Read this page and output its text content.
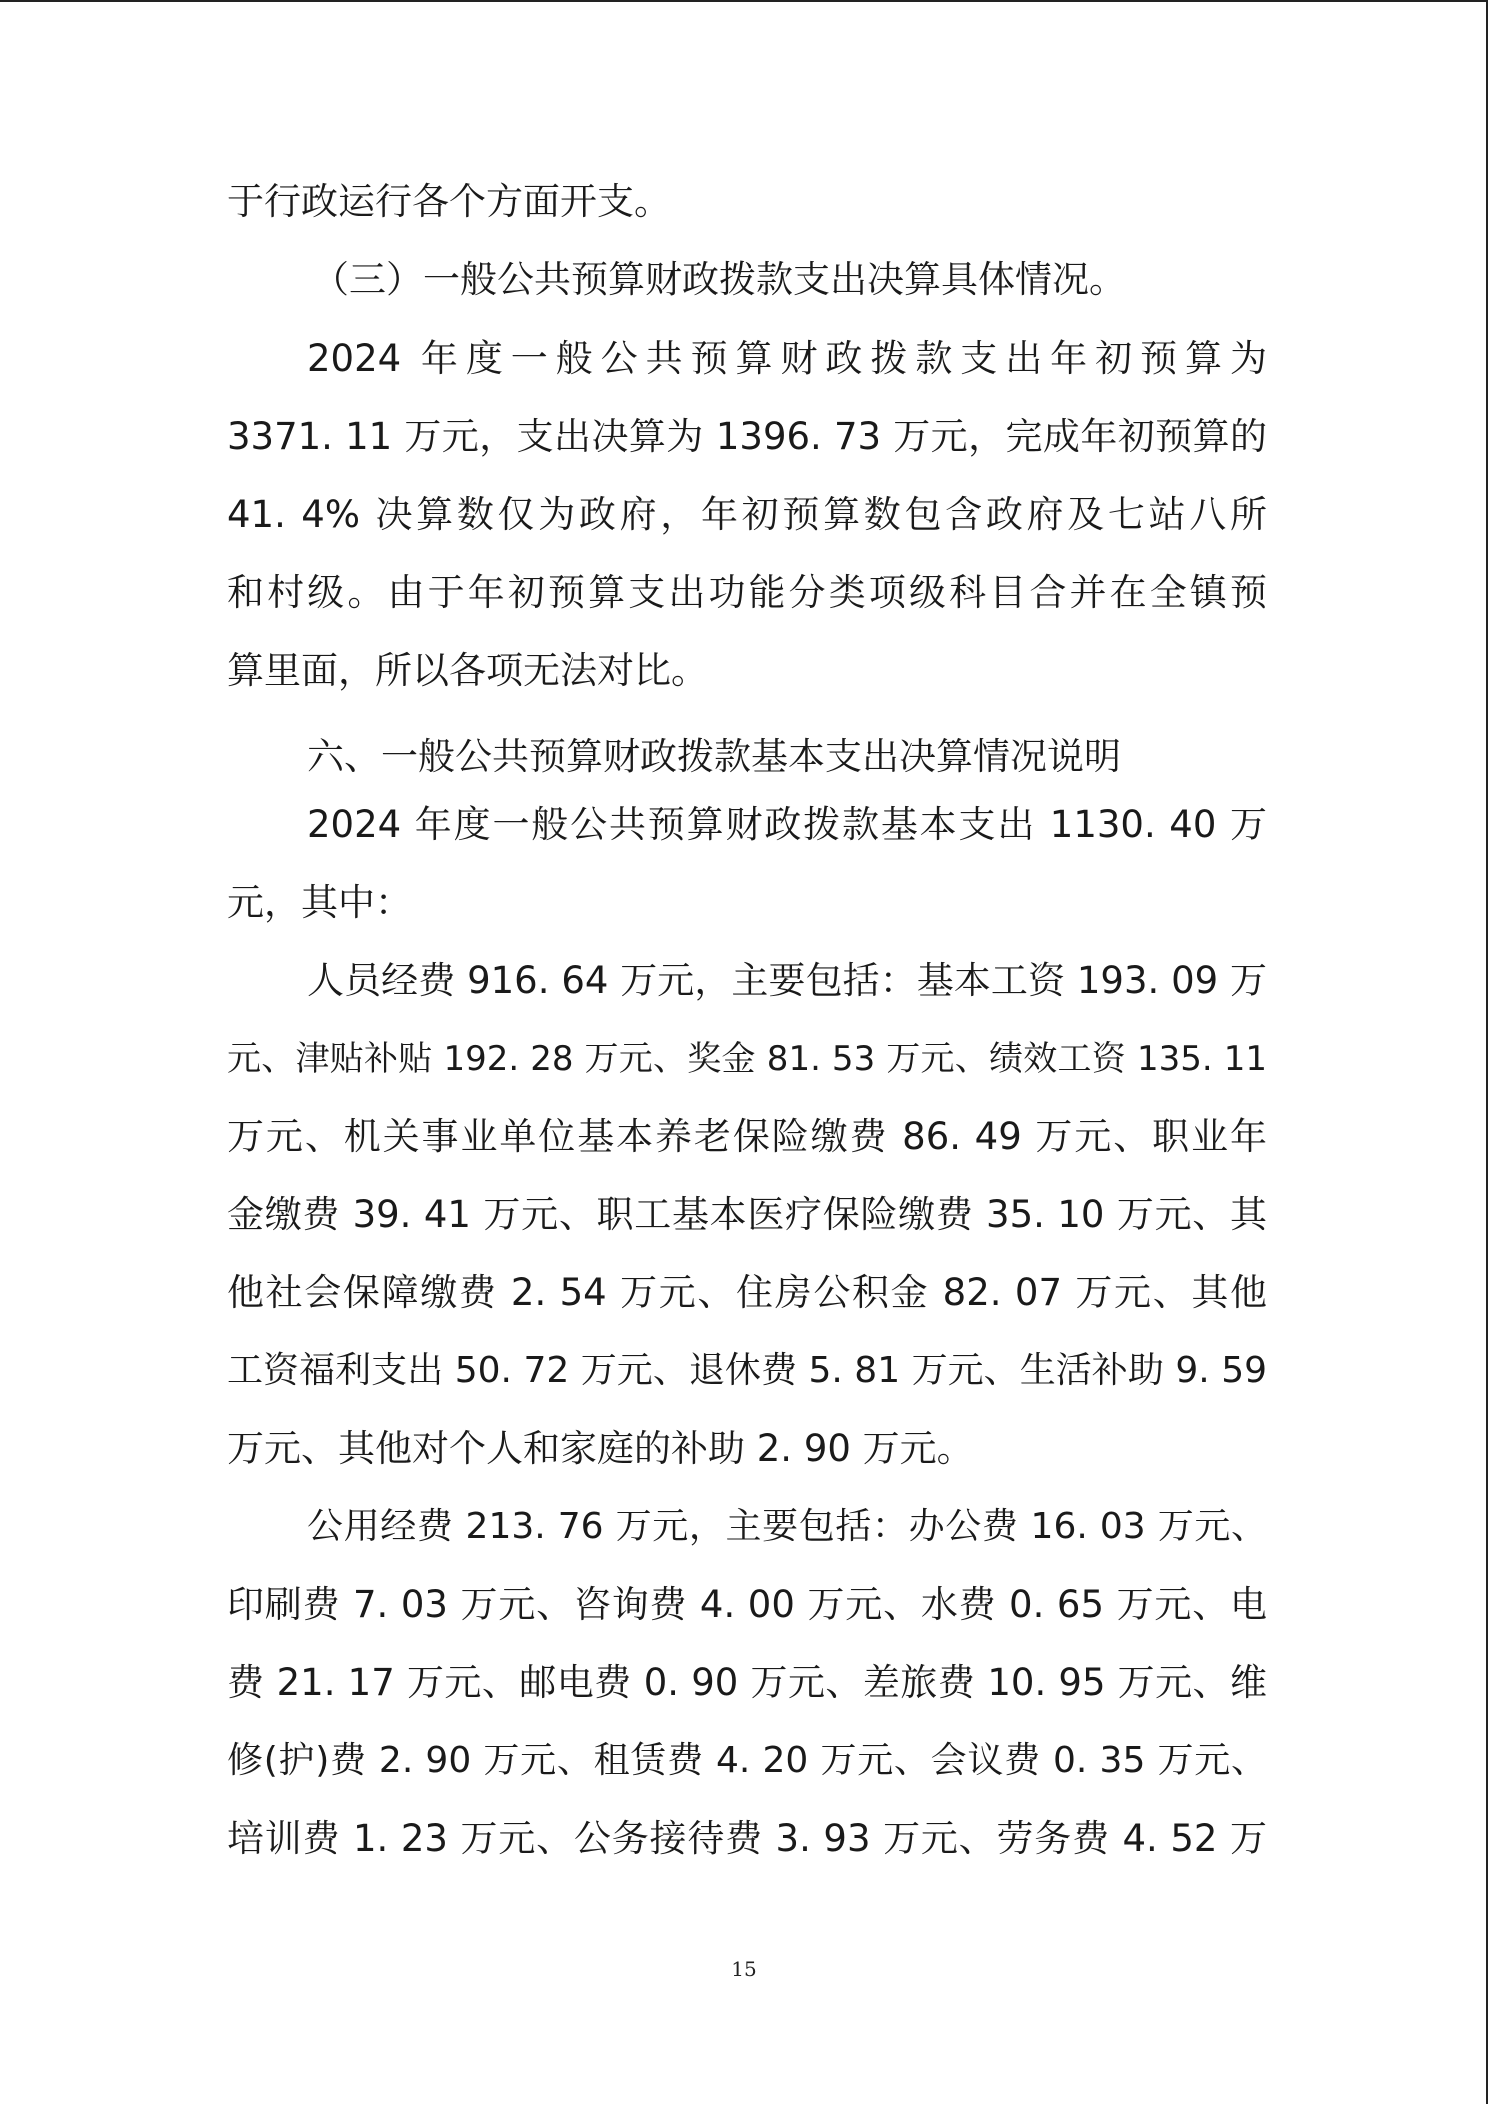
于行政运行各个方面开支。
（三）一般公共预算财政拨款支出决算具体情况。
2024 年度一般公共预算财政拨款支出年初预算为
3371. 11 万元，支出决算为 1396. 73 万元，完成年初预算的
41. 4% 决算数仅为政府，年初预算数包含政府及七站八所
和村级。由于年初预算支出功能分类项级科目合并在全镇预
算里面，所以各项无法对比。
六、一般公共预算财政拨款基本支出决算情况说明
2024 年度一般公共预算财政拨款基本支出 1130. 40 万
元，其中：
人员经费 916. 64 万元，主要包括：基本工资 193. 09 万
元、津贴补贴 192. 28 万元、奖金 81. 53 万元、绩效工资 135. 11
万元、机关事业单位基本养老保险缴费 86. 49 万元、职业年
金缴费 39. 41 万元、职工基本医疗保险缴费 35. 10 万元、其
他社会保障缴费 2. 54 万元、住房公积金 82. 07 万元、其他
工资福利支出 50. 72 万元、退休费 5. 81 万元、生活补助 9. 59
万元、其他对个人和家庭的补助 2. 90 万元。
公用经费 213. 76 万元，主要包括：办公费 16. 03 万元、
印刷费 7. 03 万元、咨询费 4. 00 万元、水费 0. 65 万元、电
费 21. 17 万元、邮电费 0. 90 万元、差旅费 10. 95 万元、维
修(护)费 2. 90 万元、租赁费 4. 20 万元、会议费 0. 35 万元、
培训费 1. 23 万元、公务接待费 3. 93 万元、劳务费 4. 52 万
15
